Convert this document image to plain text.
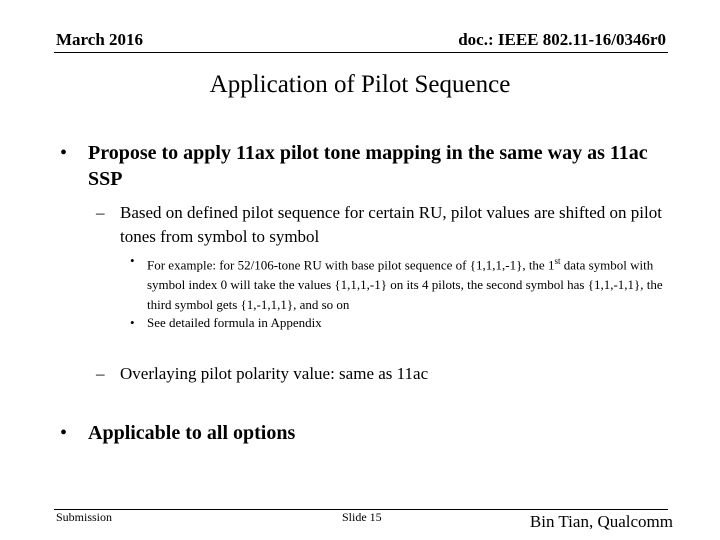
March 2016	doc.: IEEE 802.11-16/0346r0
Application of Pilot Sequence
• Propose to apply 11ax pilot tone mapping in the same way as 11ac SSP
– Based on defined pilot sequence for certain RU, pilot values are shifted on pilot tones from symbol to symbol
• For example: for 52/106-tone RU with base pilot sequence of {1,1,1,-1}, the 1st data symbol with symbol index 0 will take the values {1,1,1,-1} on its 4 pilots, the second symbol has {1,1,-1,1}, the third symbol gets {1,-1,1,1}, and so on
• See detailed formula in Appendix
– Overlaying pilot polarity value: same as 11ac
• Applicable to all options
Submission	Slide 15	Bin Tian, Qualcomm
